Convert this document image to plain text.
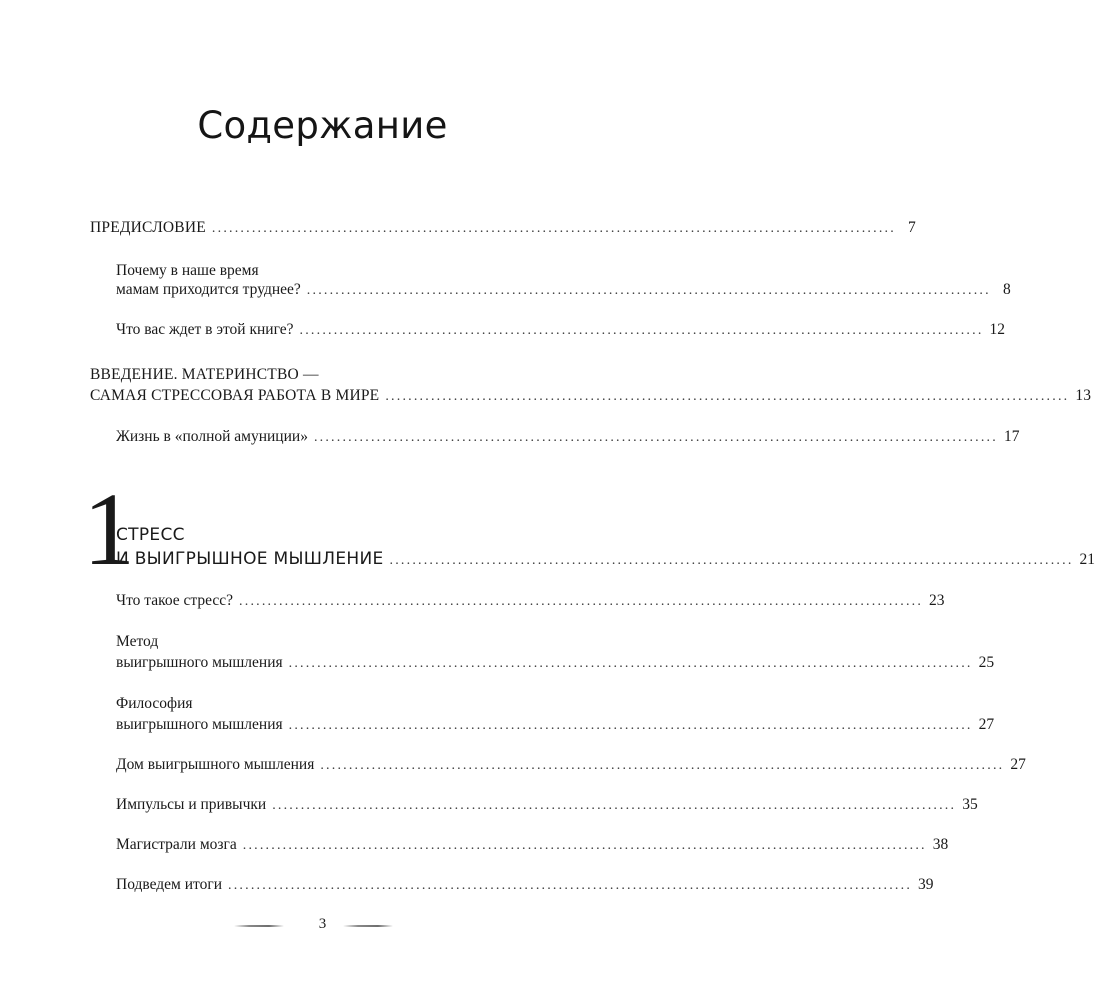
Содержание
ПРЕДИСЛОВИЕ ........................................................................................................................ 7
Почему в наше время
мамам приходится труднее? ........................................................................................................................ 8
Что вас ждет в этой книге? ........................................................................................................................ 12
ВВЕДЕНИЕ. МАТЕРИНСТВО —
САМАЯ СТРЕССОВАЯ РАБОТА В МИРЕ ........................................................................................................................ 13
Жизнь в «полной амуниции» ........................................................................................................................ 17
1
СТРЕСС
И ВЫИГРЫШНОЕ МЫШЛЕНИЕ ........................................................................................................................ 21
Что такое стресс? ........................................................................................................................ 23
Метод
выигрышного мышления ........................................................................................................................ 25
Философия
выигрышного мышления ........................................................................................................................ 27
Дом выигрышного мышления ........................................................................................................................ 27
Импульсы и привычки ........................................................................................................................ 35
Магистрали мозга ........................................................................................................................ 38
Подведем итоги ........................................................................................................................ 39
3
